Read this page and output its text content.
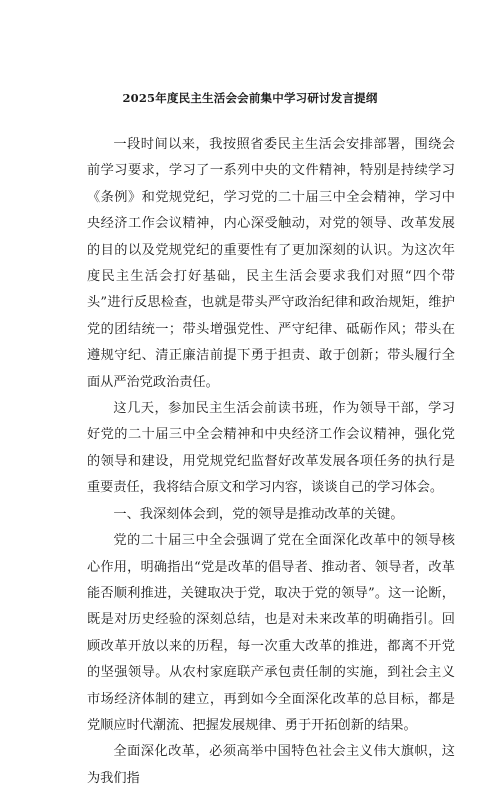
2025年度民主生活会会前集中学习研讨发言提纲

一段时间以来，我按照省委民主生活会安排部署，围绕会前学习要求，学习了一系列中央的文件精神，特别是持续学习《条例》和党规党纪，学习党的二十届三中全会精神，学习中央经济工作会议精神，内心深受触动，对党的领导、改革发展的目的以及党规党纪的重要性有了更加深刻的认识。为这次年度民主生活会打好基础，民主生活会要求我们对照“四个带头”进行反思检查，也就是带头严守政治纪律和政治规矩，维护党的团结统一；带头增强党性、严守纪律、砥砺作风；带头在遵规守纪、清正廉洁前提下勇于担责、敢于创新；带头履行全面从严治党政治责任。

这几天，参加民主生活会前读书班，作为领导干部，学习好党的二十届三中全会精神和中央经济工作会议精神，强化党的领导和建设，用党规党纪监督好改革发展各项任务的执行是重要责任，我将结合原文和学习内容，谈谈自己的学习体会。

一、我深刻体会到，党的领导是推动改革的关键。

党的二十届三中全会强调了党在全面深化改革中的领导核心作用，明确指出“党是改革的倡导者、推动者、领导者，改革能否顺利推进，关键取决于党，取决于党的领导”。这一论断，既是对历史经验的深刻总结，也是对未来改革的明确指引。回顾改革开放以来的历程，每一次重大改革的推进，都离不开党的坚强领导。从农村家庭联产承包责任制的实施，到社会主义市场经济体制的建立，再到如今全面深化改革的总目标，都是党顺应时代潮流、把握发展规律、勇于开拓创新的结果。

全面深化改革，必须高举中国特色社会主义伟大旗帜，这为我们指
